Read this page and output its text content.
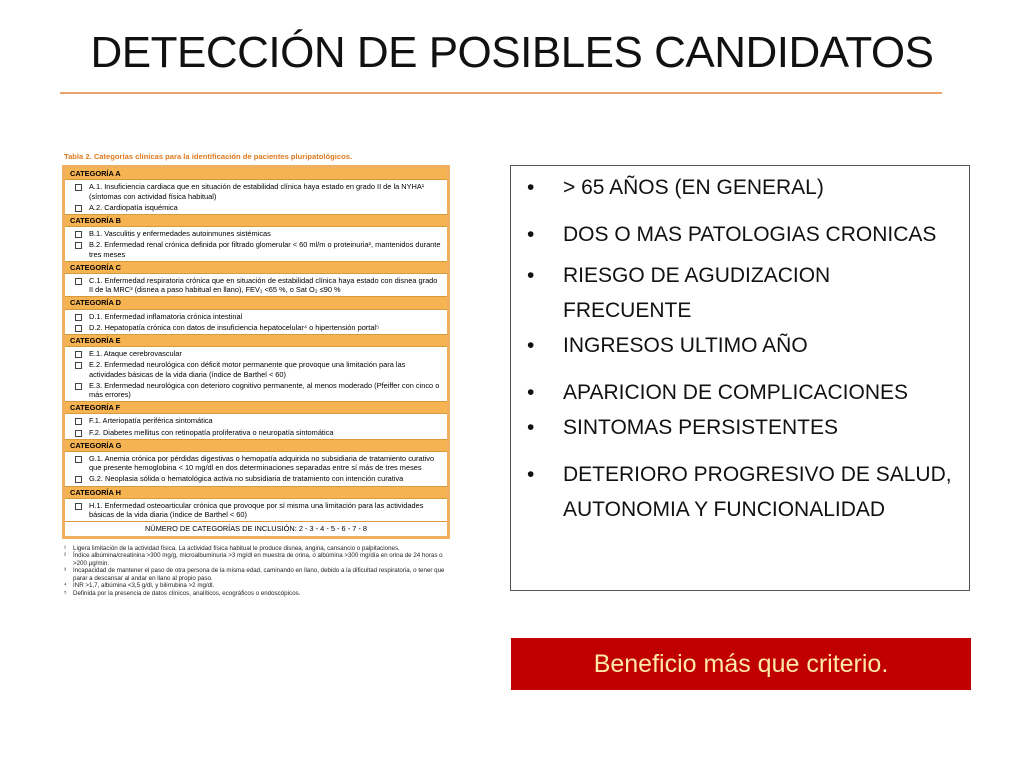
DETECCIÓN DE POSIBLES CANDIDATOS
Tabla 2. Categorías clínicas para la identificación de pacientes pluripatológicos.
CATEGORÍA A
A.1. Insuficiencia cardiaca que en situación de estabilidad clínica haya estado en grado II de la NYHA¹ (síntomas con actividad física habitual)
A.2. Cardiopatía isquémica
CATEGORÍA B
B.1. Vasculitis y enfermedades autoinmunes sistémicas
B.2. Enfermedad renal crónica definida por filtrado glomerular < 60 ml/m o proteinuria², mantenidos durante tres meses
CATEGORÍA C
C.1. Enfermedad respiratoria crónica que en situación de estabilidad clínica haya estado con disnea grado II de la MRC³ (disnea a paso habitual en llano), FEV₁ <65 %, o Sat O₂ ≤90 %
CATEGORÍA D
D.1. Enfermedad inflamatoria crónica intestinal
D.2. Hepatopatía crónica con datos de insuficiencia hepatocelular⁴ o hipertensión portal⁵
CATEGORÍA E
E.1. Ataque cerebrovascular
E.2. Enfermedad neurológica con déficit motor permanente que provoque una limitación para las actividades básicas de la vida diaria (índice de Barthel < 60)
E.3. Enfermedad neurológica con deterioro cognitivo permanente, al menos moderado (Pfeiffer con cinco o más errores)
CATEGORÍA F
F.1. Arteriopatía periférica sintomática
F.2. Diabetes mellitus con retinopatía proliferativa o neuropatía sintomática
CATEGORÍA G
G.1. Anemia crónica por pérdidas digestivas o hemopatía adquirida no subsidiaria de tratamiento curativo que presente hemoglobina < 10 mg/dl en dos determinaciones separadas entre sí más de tres meses
G.2. Neoplasia sólida o hematológica activa no subsidiaria de tratamiento con intención curativa
CATEGORÍA H
H.1. Enfermedad osteoarticular crónica que provoque por sí misma una limitación para las actividades básicas de la vida diaria (índice de Barthel < 60)
NÚMERO DE CATEGORÍAS DE INCLUSIÓN: 2 - 3 - 4 - 5 - 6 - 7 - 8
¹ Ligera limitación de la actividad física. La actividad física habitual le produce disnea, angina, cansancio o palpitaciones.
² Índice albúmina/creatinina >300 mg/g, microalbuminuria >3 mg/dl en muestra de orina, o albúmina >300 mg/día en orina de 24 horas o >200 µg/min.
³ Incapacidad de mantener el paso de otra persona de la misma edad, caminando en llano, debido a la dificultad respiratoria, o tener que parar a descansar al andar en llano al propio paso.
⁴ INR >1,7, albúmina <3,5 g/dl, y bilirrubina >2 mg/dl.
⁵ Definida por la presencia de datos clínicos, analíticos, ecográficos o endoscópicos.
• > 65 AÑOS (EN GENERAL)
• DOS O MAS PATOLOGIAS CRONICAS
• RIESGO DE AGUDIZACION FRECUENTE
• INGRESOS ULTIMO AÑO
• APARICION DE COMPLICACIONES
• SINTOMAS PERSISTENTES
• DETERIORO PROGRESIVO DE SALUD, AUTONOMIA Y FUNCIONALIDAD
Beneficio más que criterio.
